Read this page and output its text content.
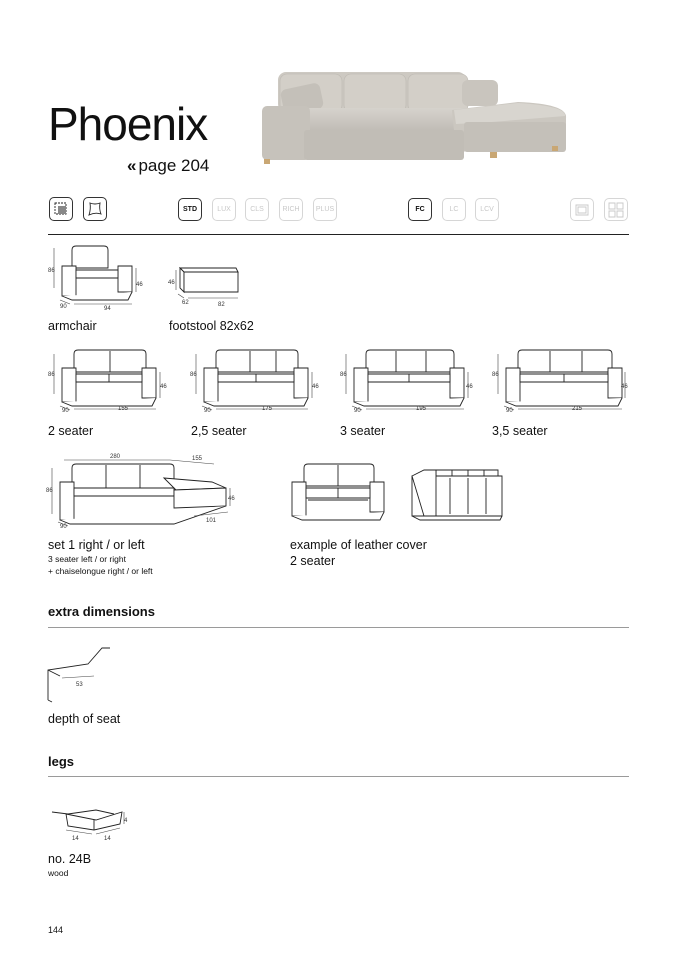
Phoenix
« page 204
STD	LUX	CLS	RICH	PLUS	FC	LC	LCV
86
46
90	94
armchair
46
62	82
footstool 82x62
86
46
90	155
2 seater
86
46
90	175
2,5 seater
86
46
90	195
3 seater
86
46
90	215
3,5 seater
280	155
86
46
90
101
set 1 right / or left
3 seater left / or right
+ chaiselongue right / or left
example of leather cover
2 seater
extra dimensions
53
depth of seat
legs
14	14
4
no. 24B
wood
144
